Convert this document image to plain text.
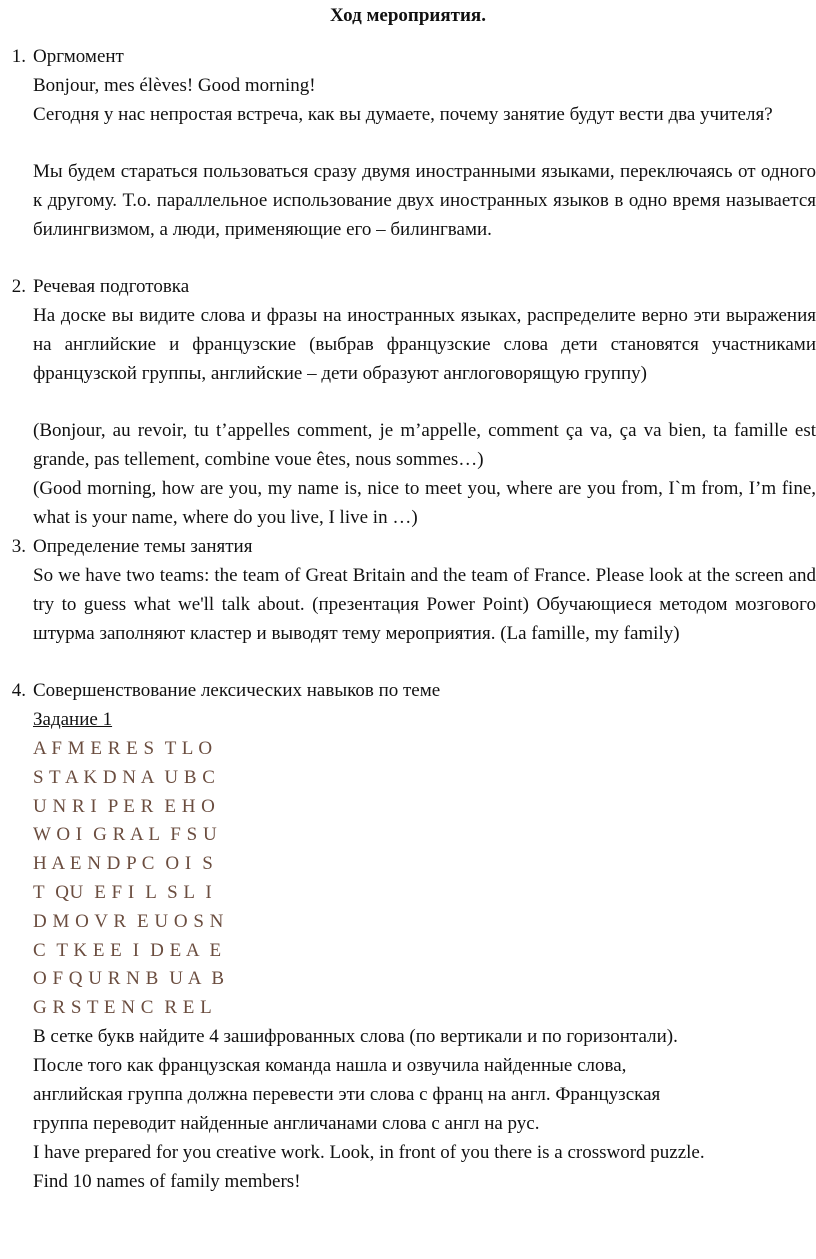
Ход мероприятия.
1. Оргмомент
Bonjour, mes élèves! Good morning!
Сегодня у нас непростая встреча, как вы думаете, почему занятие будут вести два учителя?
Мы будем стараться пользоваться сразу двумя иностранными языками, переключаясь от одного к другому. Т.о. параллельное использование двух иностранных языков в одно время называется билингвизмом, а люди, применяющие его – билингвами.
2. Речевая подготовка
На доске вы видите слова и фразы на иностранных языках, распределите верно эти выражения на английские и французские (выбрав французские слова дети становятся участниками французской группы, английские – дети образуют англоговорящую группу)
(Bonjour, au revoir, tu t’appelles comment, je m’appelle, comment ça va, ça va bien, ta famille est grande, pas tellement, combine voue êtes, nous sommes…)
(Good morning, how are you, my name is, nice to meet you, where are you from, I`m from, I’m fine, what is your name, where do you live, I live in …)
3. Определение темы занятия
So we have two teams: the team of Great Britain and the team of France. Please look at the screen and try to guess what we'll talk about. (презентация Power Point) Обучающиеся методом мозгового штурма заполняют кластер и выводят тему мероприятия. (La famille, my family)
4. Совершенствование лексических навыков по теме
Задание 1
A F M E R E S  T L O
S T A K D N A  U B C
U N R I  P E R  E H O
W O I  G R A L  F S U
H A E N D P C  O I  S
T  QU  E F I  L  S L  I
D M O V R  E U O S N
C  T K E E  I  D E A  E
O F Q U R N B  U A  B
G R S T E N C  R E L
В сетке букв найдите 4 зашифрованных слова (по вертикали и по горизонтали).
После того как французская команда нашла и озвучила найденные слова,
английская группа должна перевести эти слова с франц на англ. Французская
группа переводит найденные англичанами слова с англ на рус.
I have prepared for you creative work. Look, in front of you there is a crossword puzzle.
Find 10 names of family members!
